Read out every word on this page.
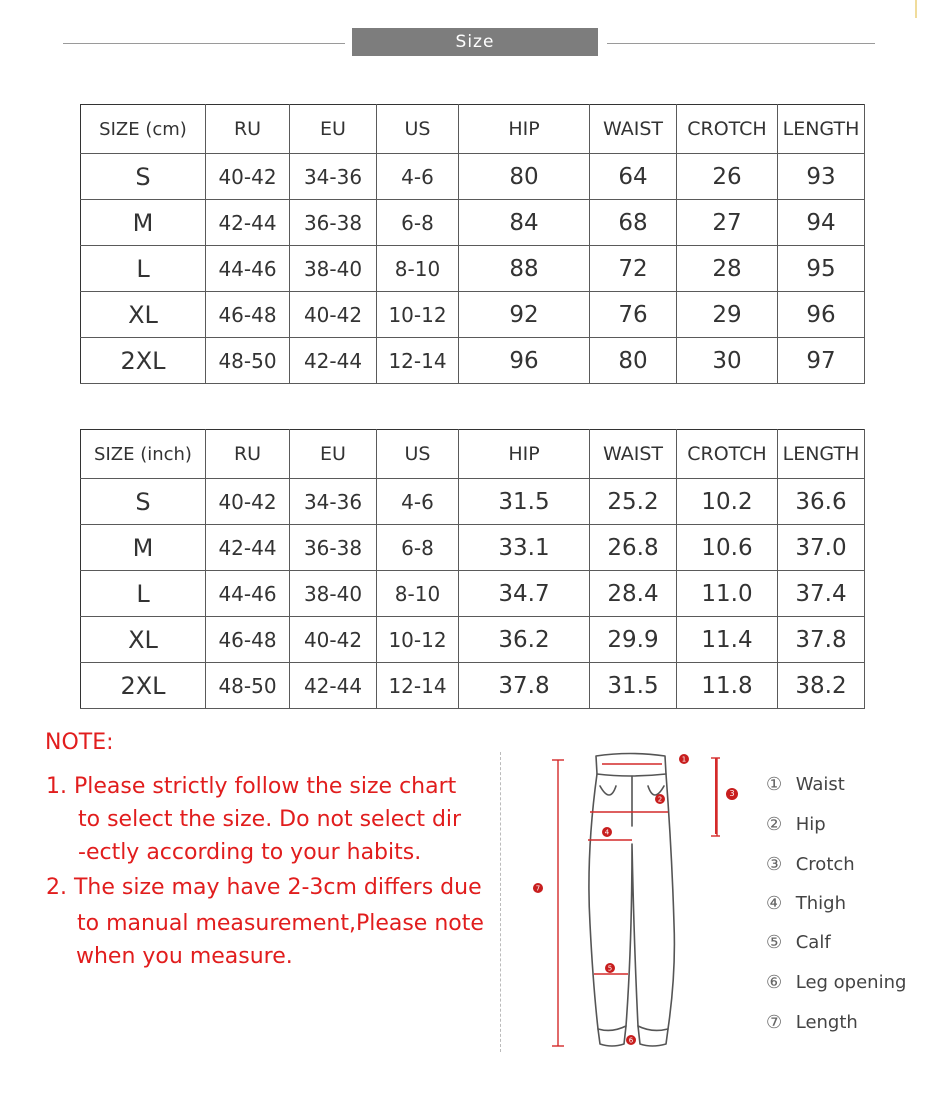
Size
SIZE (cm)	RU	EU	US	HIP	WAIST	CROTCH	LENGTH
S	40-42	34-36	4-6	80	64	26	93
M	42-44	36-38	6-8	84	68	27	94
L	44-46	38-40	8-10	88	72	28	95
XL	46-48	40-42	10-12	92	76	29	96
2XL	48-50	42-44	12-14	96	80	30	97
SIZE (inch)	RU	EU	US	HIP	WAIST	CROTCH	LENGTH
S	40-42	34-36	4-6	31.5	25.2	10.2	36.6
M	42-44	36-38	6-8	33.1	26.8	10.6	37.0
L	44-46	38-40	8-10	34.7	28.4	11.0	37.4
XL	46-48	40-42	10-12	36.2	29.9	11.4	37.8
2XL	48-50	42-44	12-14	37.8	31.5	11.8	38.2
NOTE:
1. Please strictly follow the size chart
to select the size. Do not select dir
-ectly according to your habits.
2. The size may have 2-3cm differs due
to manual measurement,Please note
when you measure.
1
2
4
5
6
7
3 ① Waist
② Hip
③ Crotch
④ Thigh
⑤ Calf
⑥ Leg opening
⑦ Length
